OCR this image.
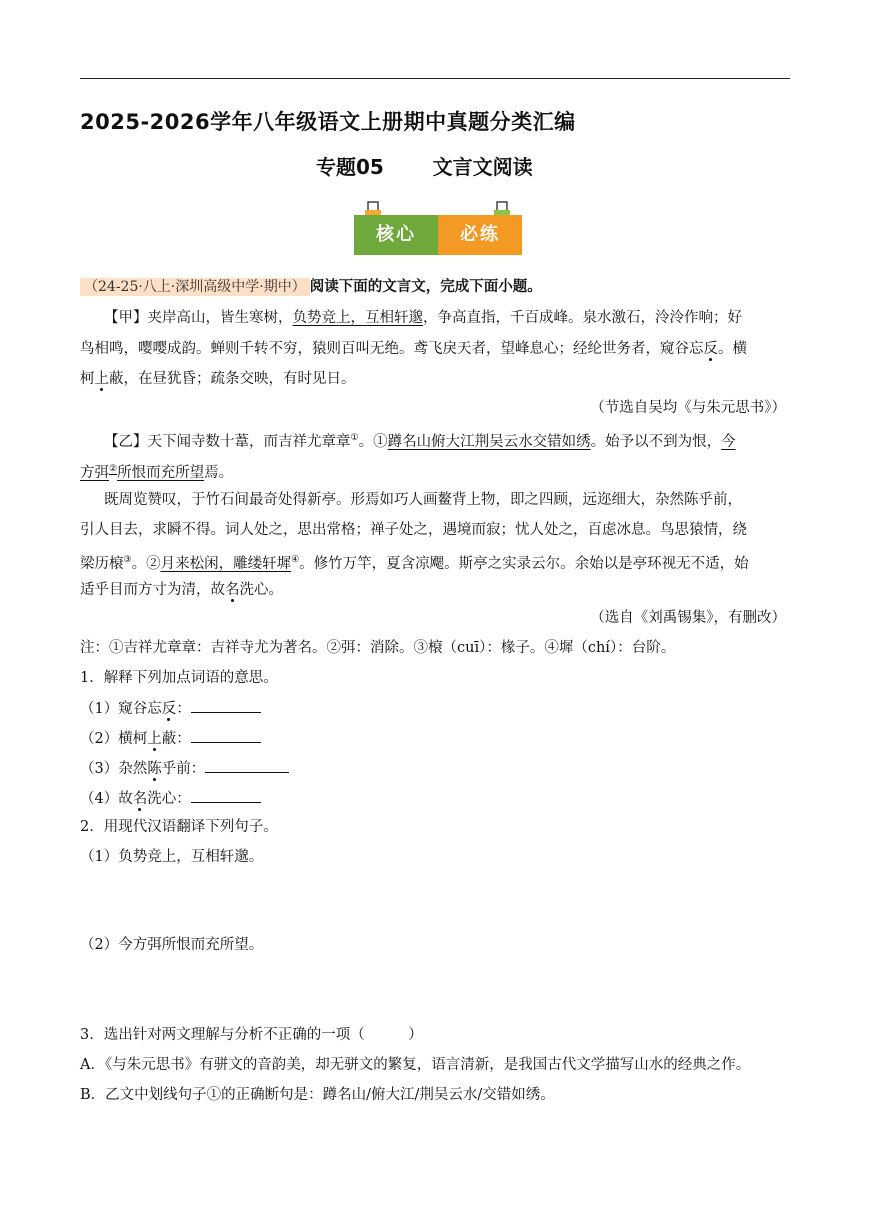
2025-2026学年八年级语文上册期中真题分类汇编
专题05 文言文阅读
核心	必练
（24-25·八上·深圳高级中学·期中） 阅读下面的文言文，完成下面小题。
【甲】夹岸高山，皆生寒树，负势竞上，互相轩邈，争高直指，千百成峰。泉水激石，泠泠作响；好
鸟相鸣，嘤嘤成韵。蝉则千转不穷，猿则百叫无绝。鸢飞戾天者，望峰息心；经纶世务者，窥谷忘反。横
柯上蔽，在昼犹昏；疏条交映，有时见日。
（节选自吴均《与朱元思书》）
【乙】天下闻寺数十葦，而吉祥尤章章①。①蹲名山俯大江荆吴云水交错如绣。始予以不到为恨，今
方弭②所恨而充所望焉。
既周览赞叹，于竹石间最奇处得新亭。形焉如巧人画鳌背上物，即之四顾，远迩细大，杂然陈乎前，
引人目去，求瞬不得。词人处之，思出常格；禅子处之，遇境而寂；忧人处之，百虑冰息。鸟思猿情，绕
梁历榱③。②月来松闲，雕缕轩墀④。修竹万竿，夏含凉飔。斯亭之实录云尔。余始以是亭环视无不适，始
适乎目而方寸为清，故名洗心。
（选自《刘禹锡集》，有删改）
注：①吉祥尤章章：吉祥寺尤为著名。②弭：消除。③榱（cuī）：椽子。④墀（chí）：台阶。
1．解释下列加点词语的意思。
（1）窥谷忘反：
（2）横柯上蔽：
（3）杂然陈乎前：
（4）故名洗心：
2．用现代汉语翻译下列句子。
（1）负势竞上，互相轩邈。
（2）今方弭所恨而充所望。
3．选出针对两文理解与分析不正确的一项（　　　）
A．《与朱元思书》有骈文的音韵美，却无骈文的繁复，语言清新，是我国古代文学描写山水的经典之作。
B．乙文中划线句子①的正确断句是：蹲名山/俯大江/荆吴云水/交错如绣。
